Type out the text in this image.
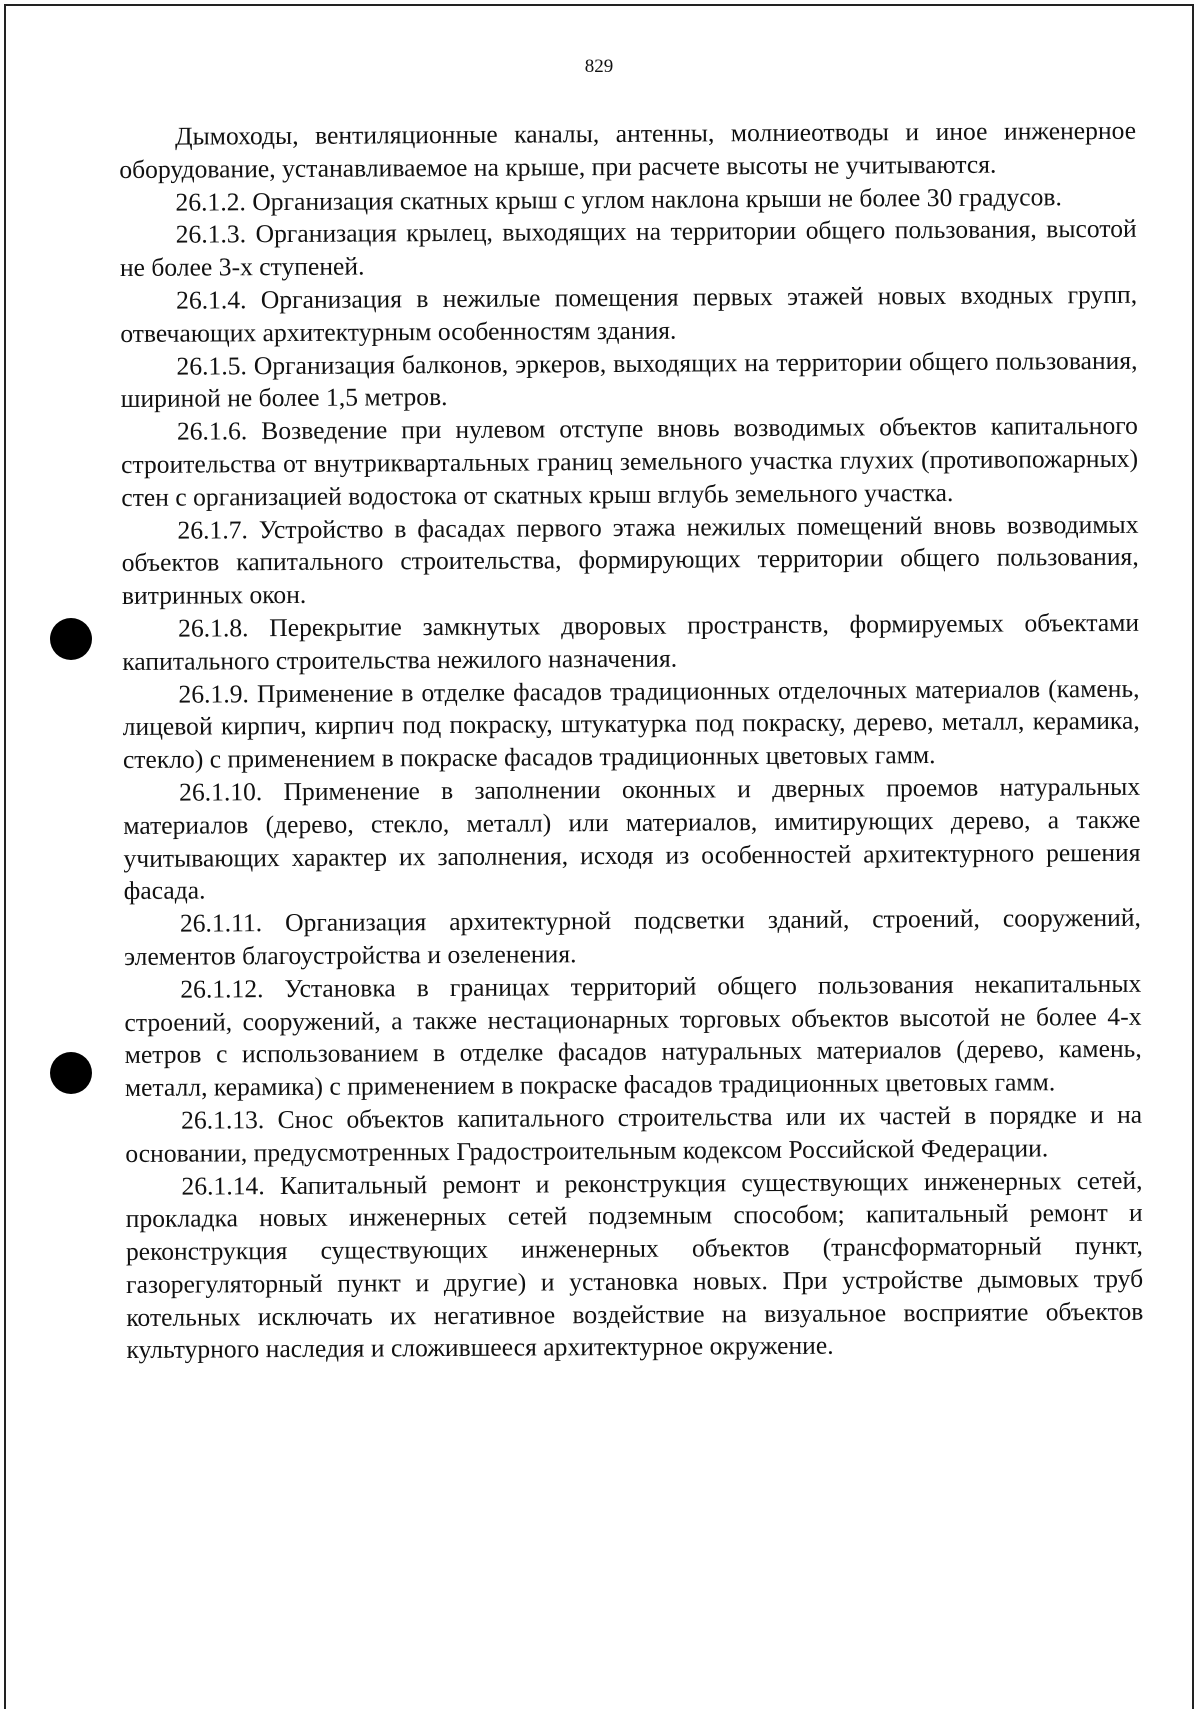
829

Дымоходы, вентиляционные каналы, антенны, молниеотводы и иное инженерное оборудование, устанавливаемое на крыше, при расчете высоты не учитываются.

26.1.2. Организация скатных крыш с углом наклона крыши не более 30 градусов.

26.1.3. Организация крылец, выходящих на территории общего пользования, высотой не более 3-х ступеней.

26.1.4. Организация в нежилые помещения первых этажей новых входных групп, отвечающих архитектурным особенностям здания.

26.1.5. Организация балконов, эркеров, выходящих на территории общего пользования, шириной не более 1,5 метров.

26.1.6. Возведение при нулевом отступе вновь возводимых объектов капитального строительства от внутриквартальных границ земельного участка глухих (противопожарных) стен с организацией водостока от скатных крыш вглубь земельного участка.

26.1.7. Устройство в фасадах первого этажа нежилых помещений вновь возводимых объектов капитального строительства, формирующих территории общего пользования, витринных окон.

26.1.8. Перекрытие замкнутых дворовых пространств, формируемых объектами капитального строительства нежилого назначения.

26.1.9. Применение в отделке фасадов традиционных отделочных материалов (камень, лицевой кирпич, кирпич под покраску, штукатурка под покраску, дерево, металл, керамика, стекло) с применением в покраске фасадов традиционных цветовых гамм.

26.1.10. Применение в заполнении оконных и дверных проемов натуральных материалов (дерево, стекло, металл) или материалов, имитирующих дерево, а также учитывающих характер их заполнения, исходя из особенностей архитектурного решения фасада.

26.1.11. Организация архитектурной подсветки зданий, строений, сооружений, элементов благоустройства и озеленения.

26.1.12. Установка в границах территорий общего пользования некапитальных строений, сооружений, а также нестационарных торговых объектов высотой не более 4-х метров с использованием в отделке фасадов натуральных материалов (дерево, камень, металл, керамика) с применением в покраске фасадов традиционных цветовых гамм.

26.1.13. Снос объектов капитального строительства или их частей в порядке и на основании, предусмотренных Градостроительным кодексом Российской Федерации.

26.1.14. Капитальный ремонт и реконструкция существующих инженерных сетей, прокладка новых инженерных сетей подземным способом; капитальный ремонт и реконструкция существующих инженерных объектов (трансформаторный пункт, газорегуляторный пункт и другие) и установка новых. При устройстве дымовых труб котельных исключать их негативное воздействие на визуальное восприятие объектов культурного наследия и сложившееся архитектурное окружение.
